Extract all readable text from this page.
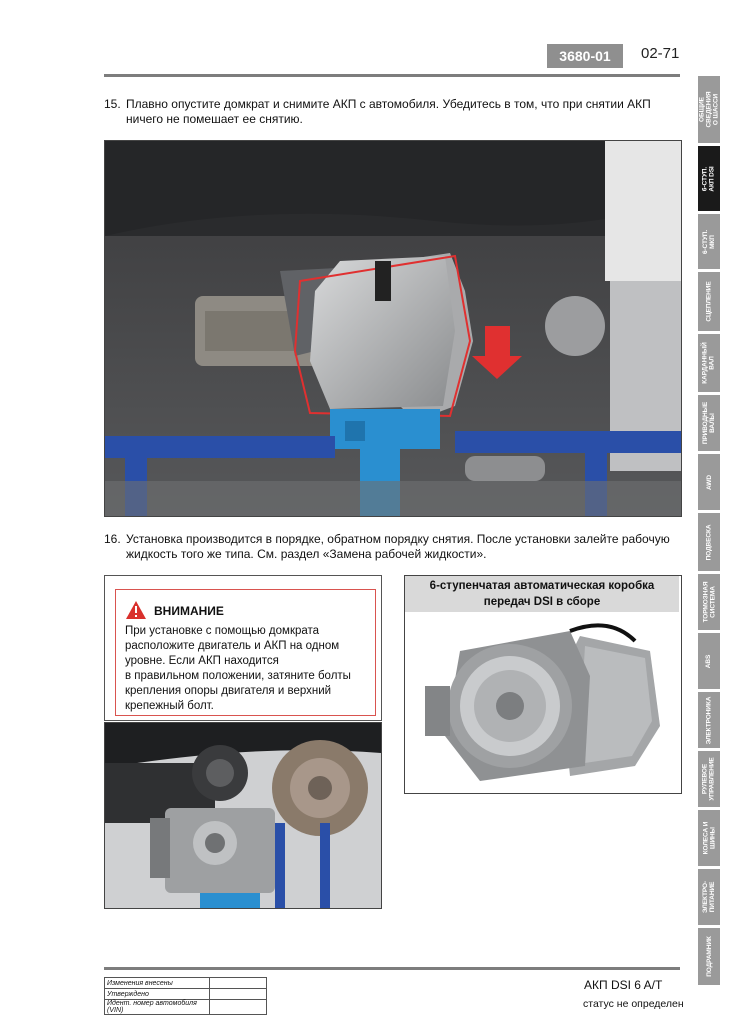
3680-01	02-71
ОБЩИЕ
СВЕДЕНИЯ
О ШАССИ
6-СТУП.
АКП DSI
6-СТУП.
МКП
СЦЕПЛЕНИЕ
КАРДАННЫЙ
ВАЛ
ПРИВОДНЫЕ
ВАЛЫ
AWD
ПОДВЕСКА
ТОРМОЗНАЯ
СИСТЕМА
ABS
ЭЛЕКТРОНИКА
РУЛЕВОЕ
УПРАВЛЕНИЕ
КОЛЕСА И
ШИНЫ
ЭЛЕКТРО-
ПИТАНИЕ
ПОДРАМНИК
15. Плавно опустите домкрат и снимите АКП с автомобиля. Убедитесь в том, что при снятии АКП ничего не помешает ее снятию.
16. Установка производится в порядке, обратном порядку снятия. После установки залейте рабочую жидкость того же типа. См. раздел «Замена рабочей жидкости».
ВНИМАНИЕ
При установке с помощью домкрата
расположите двигатель и АКП на одном
уровне. Если АКП находится
в правильном положении, затяните болты
крепления опоры двигателя и верхний
крепежный болт.
6-ступенчатая автоматическая коробка
передач DSI в сборе
Изменения внесены	
Утверждено	
Идент. номер автомобиля (VIN)	
АКП DSI 6 A/T
статус не определен
